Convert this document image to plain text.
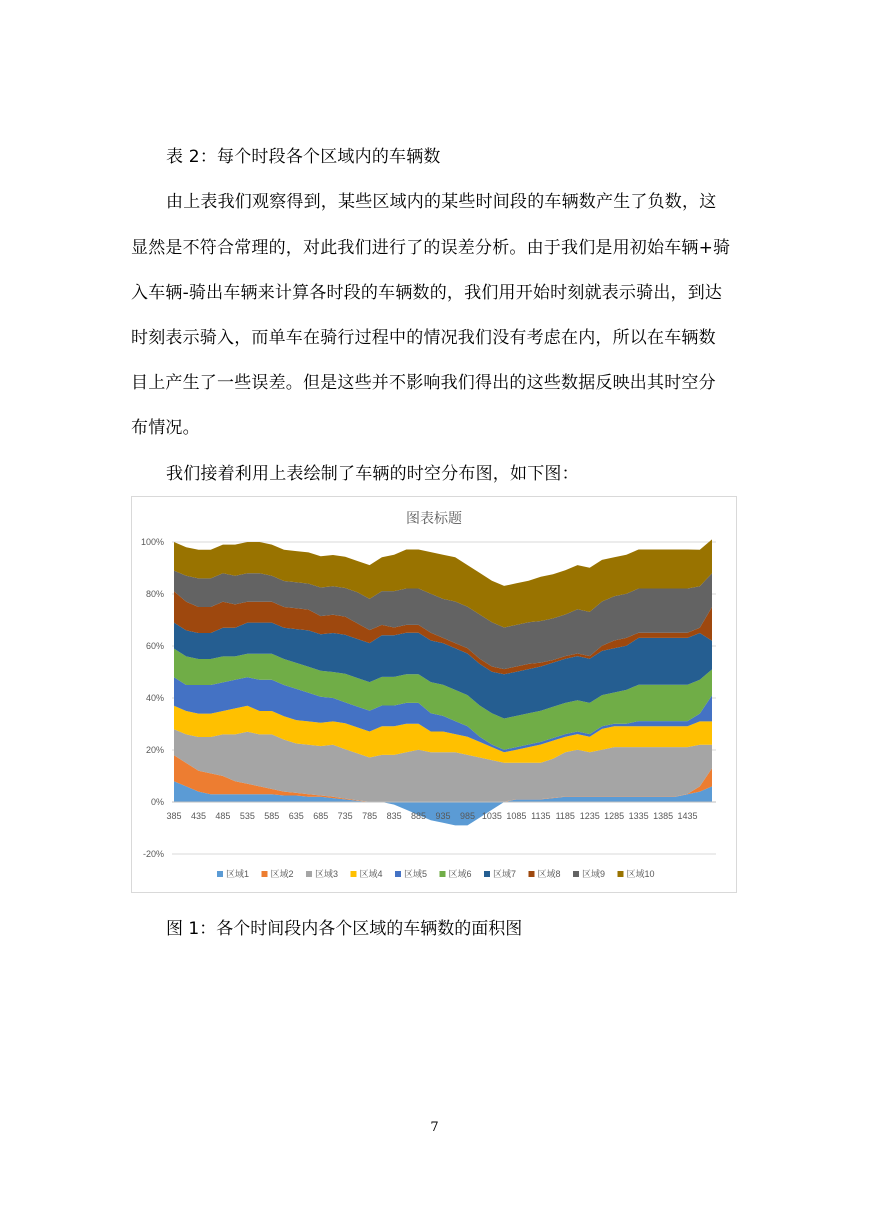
表 2：每个时段各个区域内的车辆数
由上表我们观察得到，某些区域内的某些时间段的车辆数产生了负数，这
显然是不符合常理的，对此我们进行了的误差分析。由于我们是用初始车辆+骑
入车辆-骑出车辆来计算各时段的车辆数的，我们用开始时刻就表示骑出，到达
时刻表示骑入，而单车在骑行过程中的情况我们没有考虑在内，所以在车辆数
目上产生了一些误差。但是这些并不影响我们得出的这些数据反映出其时空分
布情况。
我们接着利用上表绘制了车辆的时空分布图，如下图：
100%
80%
60%
40%
20%
0%
-20%
385 435 485 535 585 635 685 735 785 835 885 935 985 1035 1085 1135 1185 1235 1285 1335 1385 1435
图表标题
区域1 区域2 区域3 区域4 区域5 区域6 区域7 区域8 区域9 区域10
图 1：各个时间段内各个区域的车辆数的面积图
7
